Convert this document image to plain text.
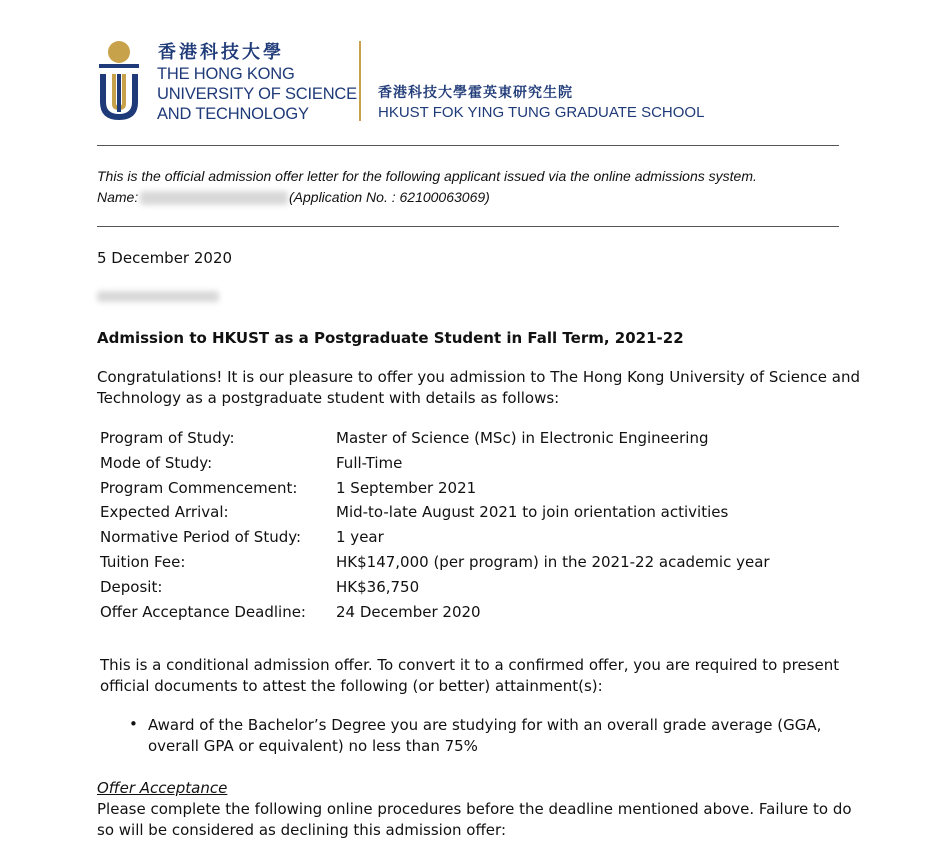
香港科技大學
THE HONG KONG
UNIVERSITY OF SCIENCE
AND TECHNOLOGY
香港科技大學霍英東研究生院
HKUST FOK YING TUNG GRADUATE SCHOOL
This is the official admission offer letter for the following applicant issued via the online admissions system.
Name:	(Application No. : 62100063069)
5 December 2020
Admission to HKUST as a Postgraduate Student in Fall Term, 2021-22
Congratulations! It is our pleasure to offer you admission to The Hong Kong University of Science and
Technology as a postgraduate student with details as follows:
Program of Study:	Master of Science (MSc) in Electronic Engineering
Mode of Study:	Full-Time
Program Commencement:	1 September 2021
Expected Arrival:	Mid-to-late August 2021 to join orientation activities
Normative Period of Study: 1 year
Tuition Fee:	HK$147,000 (per program) in the 2021-22 academic year
Deposit:	HK$36,750
Offer Acceptance Deadline: 24 December 2020
This is a conditional admission offer. To convert it to a confirmed offer, you are required to present
official documents to attest the following (or better) attainment(s):
• Award of the Bachelor’s Degree you are studying for with an overall grade average (GGA,
overall GPA or equivalent) no less than 75%
Offer Acceptance
Please complete the following online procedures before the deadline mentioned above. Failure to do
so will be considered as declining this admission offer:
